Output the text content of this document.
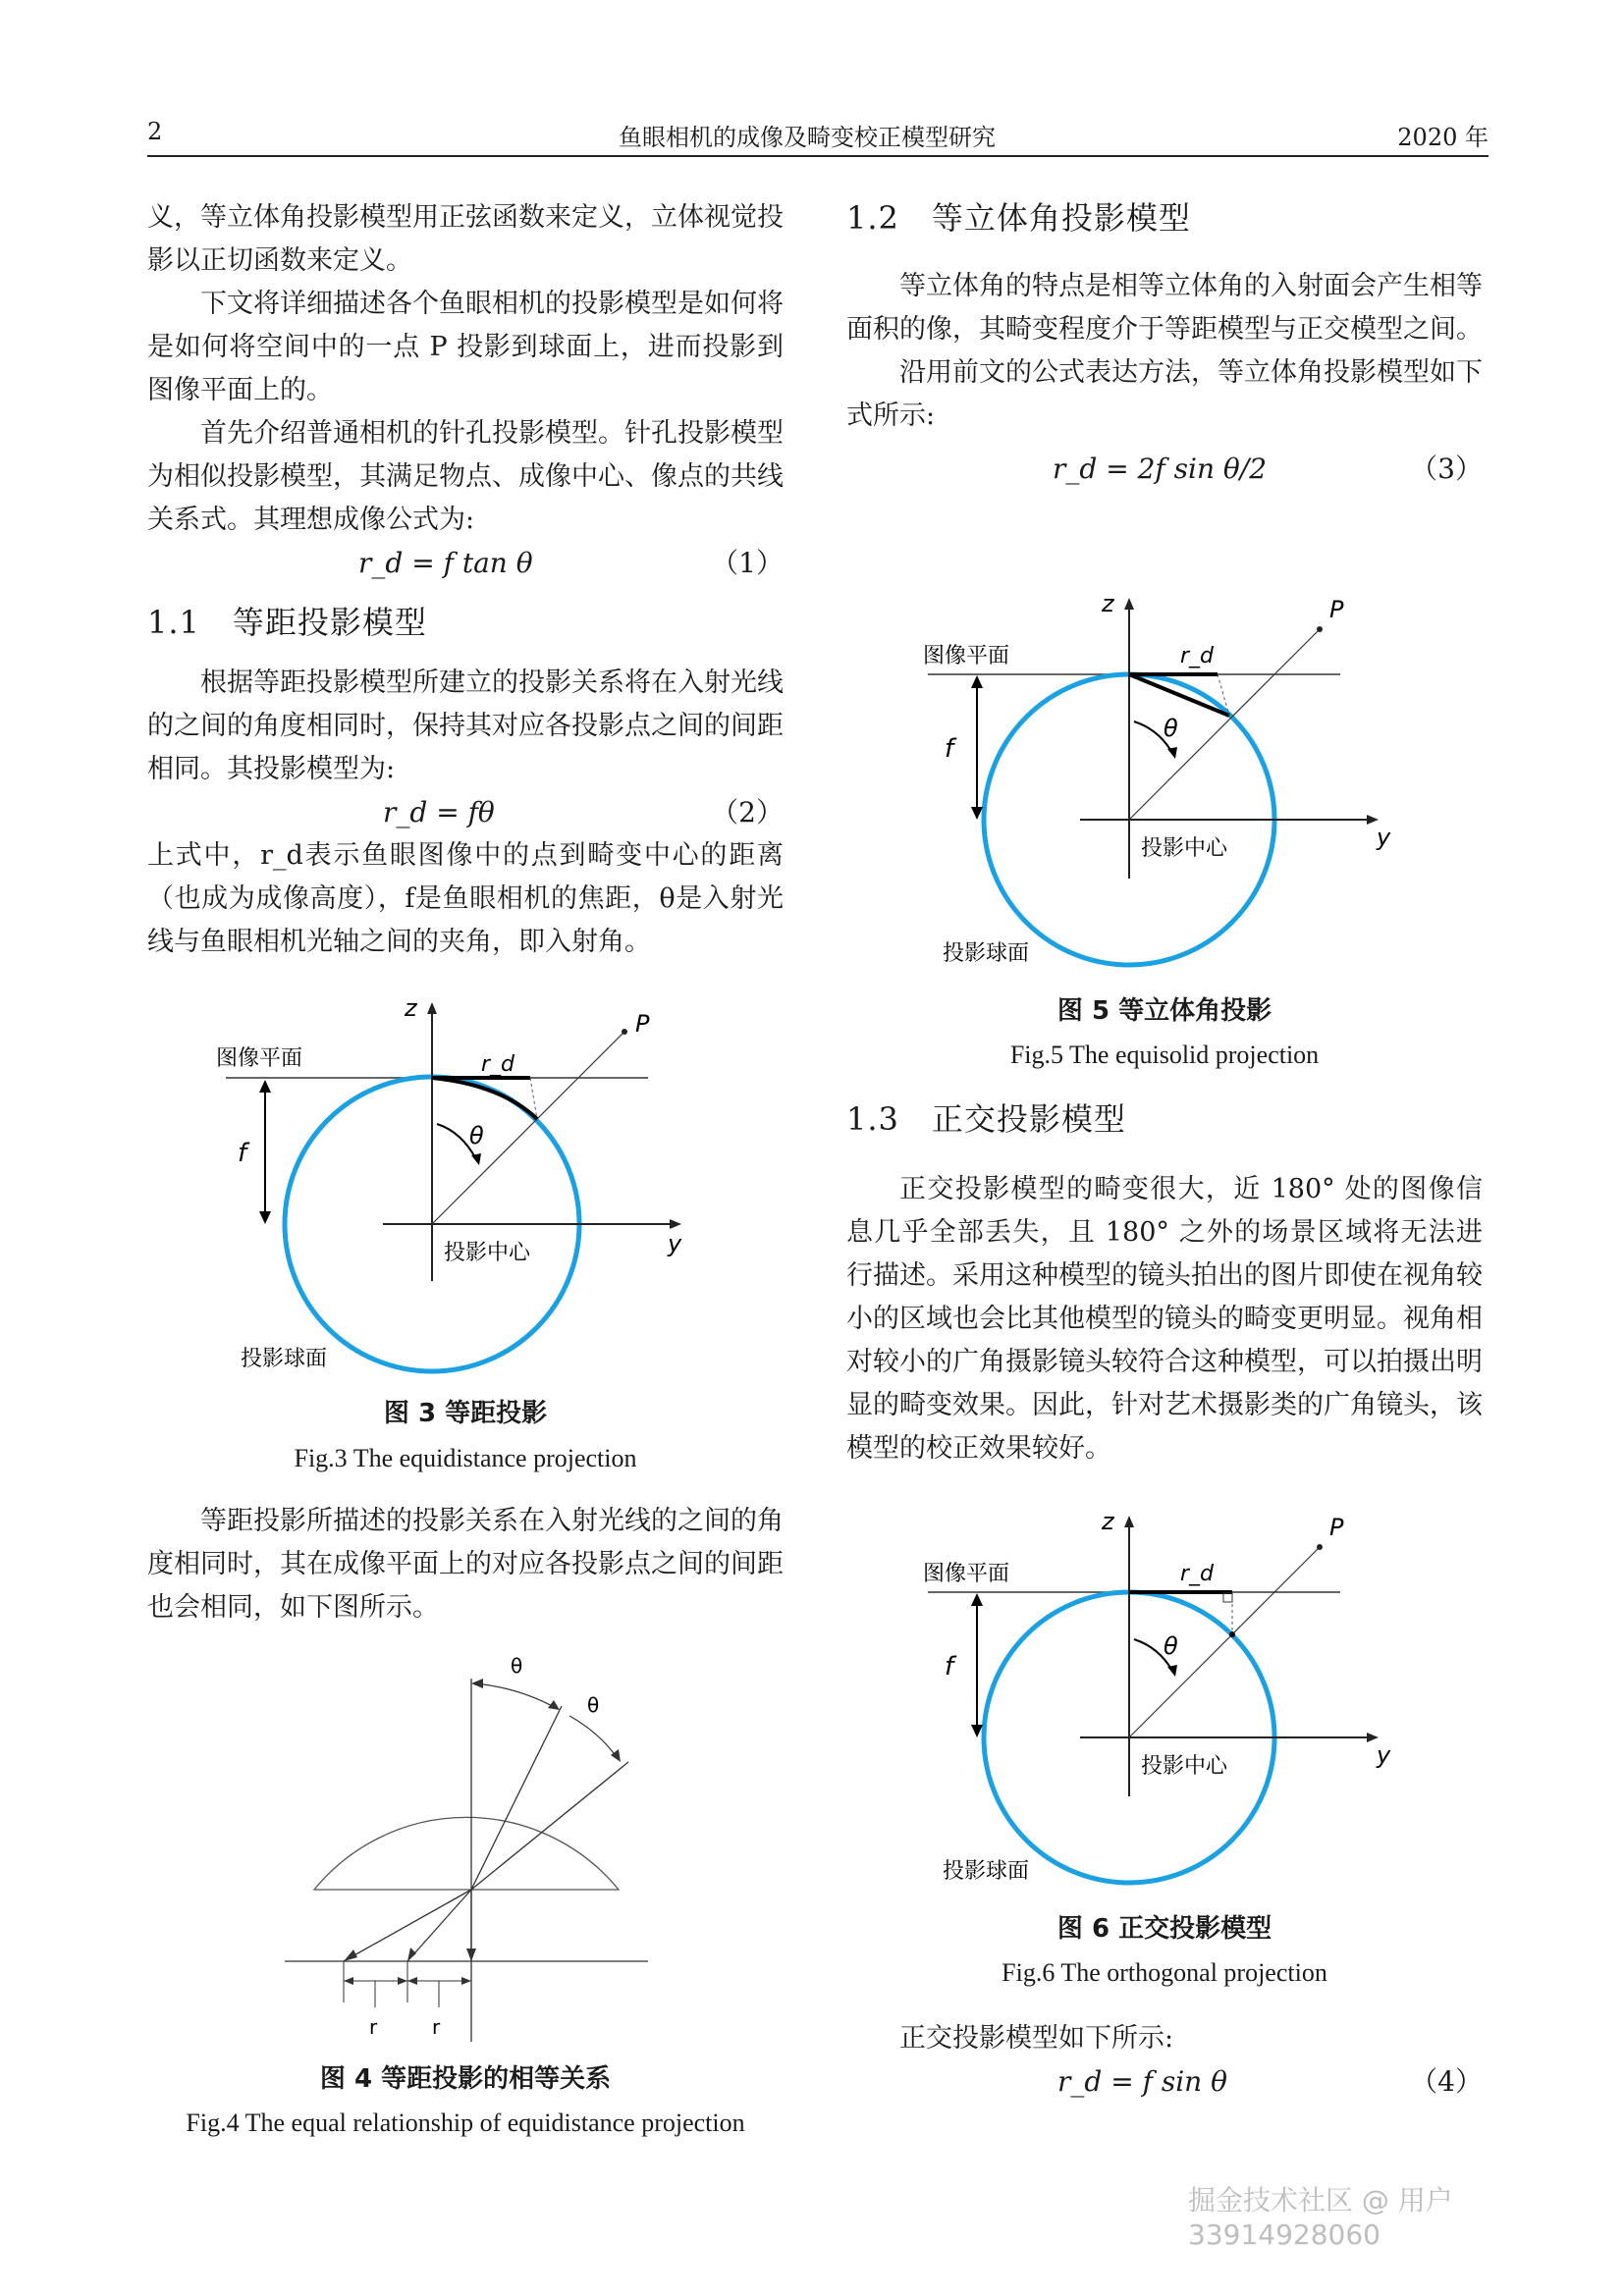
2	鱼眼相机的成像及畸变校正模型研究	2020 年

义，等立体角投影模型用正弦函数来定义，立体视觉投影以正切函数来定义。

下文将详细描述各个鱼眼相机的投影模型是如何将是如何将空间中的一点 P 投影到球面上，进而投影到图像平面上的。

首先介绍普通相机的针孔投影模型。针孔投影模型为相似投影模型，其满足物点、成像中心、像点的共线关系式。其理想成像公式为:

r_d = f tan θ	（1）

1.1　等距投影模型

根据等距投影模型所建立的投影关系将在入射光线的之间的角度相同时，保持其对应各投影点之间的间距相同。其投影模型为:

r_d = fθ	（2）

上式中，r_d表示鱼眼图像中的点到畸变中心的距离（也成为成像高度），f是鱼眼相机的焦距，θ是入射光线与鱼眼相机光轴之间的夹角，即入射角。

图像平面
z
y
P
r_d
θ
f
投影中心
投影球面
图 3 等距投影
Fig.3 The equidistance projection

等距投影所描述的投影关系在入射光线的之间的角度相同时，其在成像平面上的对应各投影点之间的间距也会相同，如下图所示。

θ
θ
r	r
图 4 等距投影的相等关系
Fig.4 The equal relationship of equidistance projection

1.2　等立体角投影模型

等立体角的特点是相等立体角的入射面会产生相等面积的像，其畸变程度介于等距模型与正交模型之间。

沿用前文的公式表达方法，等立体角投影模型如下式所示:

r_d = 2f sin θ/2	（3）
图像平面
z
y
P
r_d
θ
f
投影中心
投影球面
图 5 等立体角投影
Fig.5 The equisolid projection

1.3　正交投影模型

正交投影模型的畸变很大，近 180° 处的图像信息几乎全部丢失，且 180° 之外的场景区域将无法进行描述。采用这种模型的镜头拍出的图片即使在视角较小的区域也会比其他模型的镜头的畸变更明显。视角相对较小的广角摄影镜头较符合这种模型，可以拍摄出明显的畸变效果。因此，针对艺术摄影类的广角镜头，该模型的校正效果较好。

图像平面
z
y
P
r_d
θ
f
投影中心
投影球面
图 6 正交投影模型
Fig.6 The orthogonal projection

正交投影模型如下所示:

r_d = f sin θ	（4）
掘金技术社区 @ 用户33914928060
